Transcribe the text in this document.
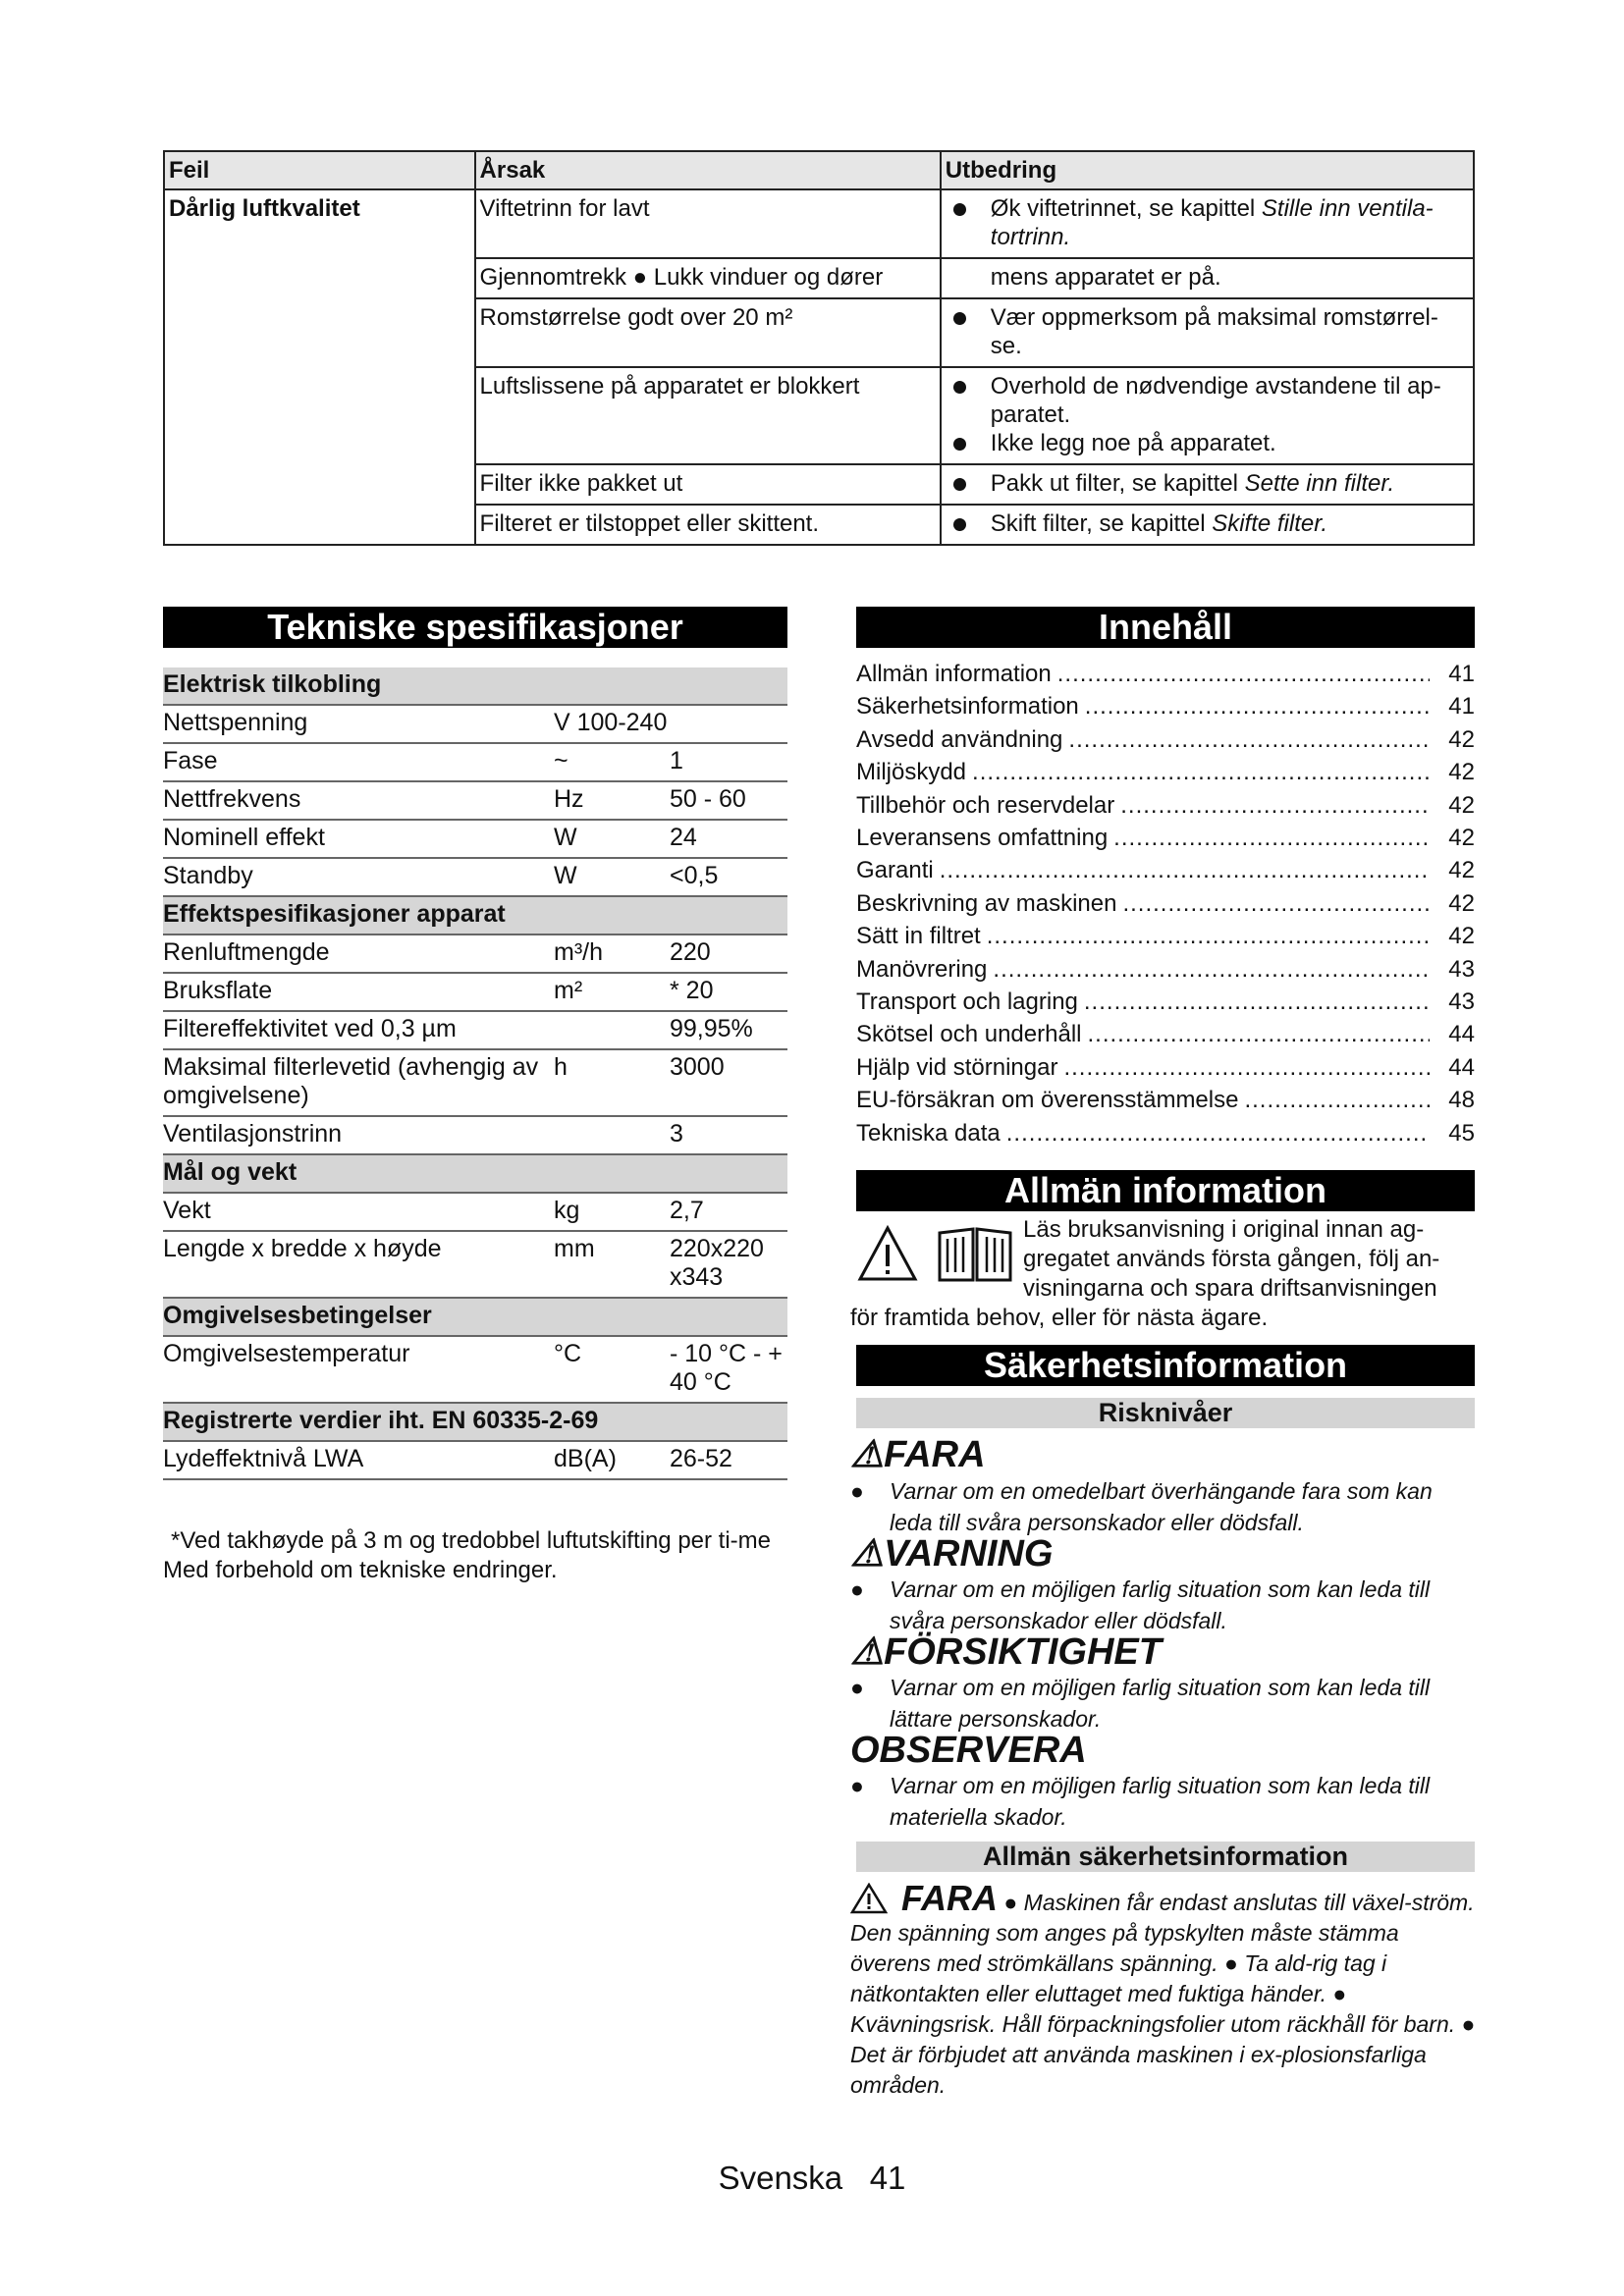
Feil	Årsak	Utbedring
Dårlig luftkvalitet	Viftetrinn for lavt	Øk viftetrinnet, se kapittel Stille inn ventila-tortrinn.

	Gjennomtrekk ● Lukk vinduer og dører	mens apparatet er på.

	Romstørrelse godt over 20 m²	Vær oppmerksom på maksimal romstørrel-se.

	Luftslissene på apparatet er blokkert	Overhold de nødvendige avstandene til ap-paratet.
Ikke legg noe på apparatet.

	Filter ikke pakket ut	Pakk ut filter, se kapittel Sette inn filter.

	Filteret er tilstoppet eller skittent.	Skift filter, se kapittel Skifte filter.
Tekniske spesifikasjoner
Elektrisk tilkobling		
Nettspenning	V 100-240	
Fase	~	1
Nettfrekvens	Hz	50 - 60
Nominell effekt	W	24
Standby	W	<0,5
Effektspesifikasjoner apparat		
Renluftmengde	m³/h	220
Bruksflate	m²	* 20
Filtereffektivitet ved 0,3 µm		99,95%
Maksimal filterlevetid (avhengig av omgivelsene)	h	3000
Ventilasjonstrinn		3
Mål og vekt		
Vekt	kg	2,7
Lengde x bredde x høyde	mm	220x220 x343
Omgivelsesbetingelser		
Omgivelsestemperatur	°C	- 10 °C - + 40 °C
Registrerte verdier iht. EN 60335-2-69		
Lydeffektnivå LWA	dB(A)	26-52
*Ved takhøyde på 3 m og tredobbel luftutskifting per ti-me
Med forbehold om tekniske endringer.
Innehåll
Allmän information .....	41
Säkerhetsinformation .....	41
Avsedd användning .....	42
Miljöskydd .....	42
Tillbehör och reservdelar .....	42
Leveransens omfattning .....	42
Garanti .....	42
Beskrivning av maskinen .....	42
Sätt in filtret .....	42
Manövrering .....	43
Transport och lagring .....	43
Skötsel och underhåll .....	44
Hjälp vid störningar .....	44
EU-försäkran om överensstämmelse .....	48
Tekniska data .....	45
Allmän information
Läs bruksanvisning i original innan ag-gregatet används första gången, följ an-visningarna och spara driftsanvisningen
för framtida behov, eller för nästa ägare.
Säkerhetsinformation
Risknivåer
⚠FARA
●	Varnar om en omedelbart överhängande fara som kan leda till svåra personskador eller dödsfall.
⚠VARNING
●	Varnar om en möjligen farlig situation som kan leda till svåra personskador eller dödsfall.
⚠FÖRSIKTIGHET
●	Varnar om en möjligen farlig situation som kan leda till lättare personskador.
OBSERVERA
●	Varnar om en möjligen farlig situation som kan leda till materiella skador.
Allmän säkerhetsinformation
FARA ● Maskinen får endast anslutas till växel-ström. Den spänning som anges på typskylten måste stämma överens med strömkällans spänning. ● Ta ald-rig tag i nätkontakten eller eluttaget med fuktiga händer. ● Kvävningsrisk. Håll förpackningsfolier utom räckhåll för barn. ● Det är förbjudet att använda maskinen i ex-plosionsfarliga områden.
Svenska 41
